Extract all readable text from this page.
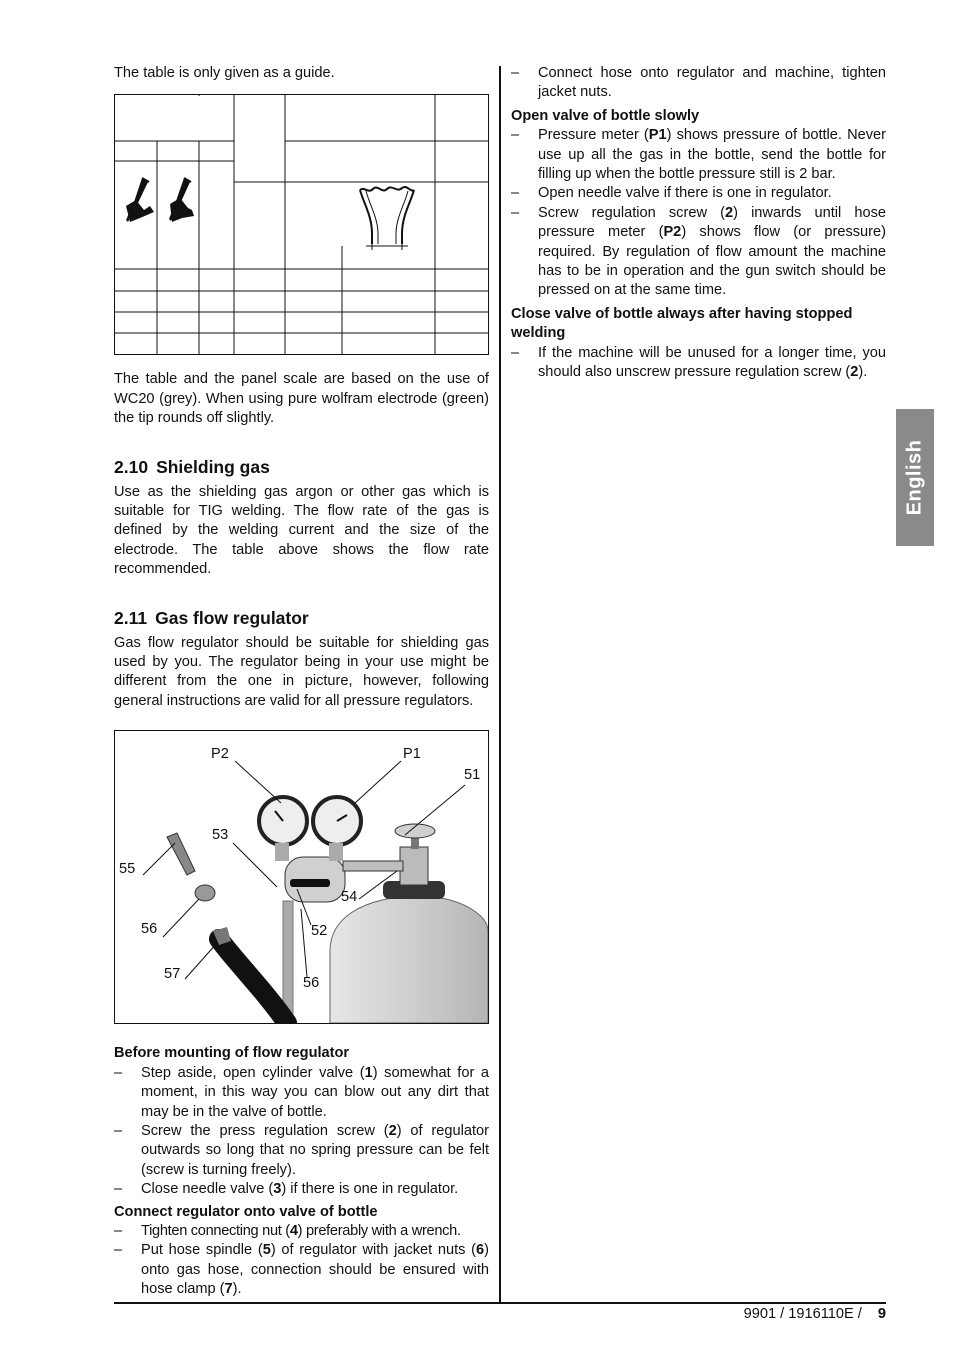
The table is only given as a guide.

The table and the panel scale are based on the use of WC20 (grey). When using pure wolfram electrode (green) the tip rounds off slightly.

2.10 Shielding gas

Use as the shielding gas argon or other gas which is suitable for TIG welding. The flow rate of the gas is defined by the welding current and the size of the electrode. The table above shows the flow rate recommended.

2.11 Gas flow regulator

Gas flow regulator should be suitable for shielding gas used by you. The regulator being in your use might be different from the one in picture, however, following general instructions are valid for all pressure regulators.

P2	P1
51
53
55
54
56	52
57
56
Before mounting of flow regulator
– Step aside, open cylinder valve (1) somewhat for a moment, in this way you can blow out any dirt that may be in the valve of bottle.
– Screw the press regulation screw (2) of regulator outwards so long that no spring pressure can be felt (screw is turning freely).
– Close needle valve (3) if there is one in regulator.
Connect regulator onto valve of bottle
– Tighten connecting nut (4) preferably with a wrench.
– Put hose spindle (5) of regulator with jacket nuts (6) onto gas hose, connection should be ensured with hose clamp (7).
– Connect hose onto regulator and machine, tighten jacket nuts.
Open valve of bottle slowly
– Pressure meter (P1) shows pressure of bottle. Never use up all the gas in the bottle, send the bottle for filling up when the bottle pressure still is 2 bar.
– Open needle valve if there is one in regulator.
– Screw regulation screw (2) inwards until hose pressure meter (P2) shows flow (or pressure) required. By regulation of flow amount the machine has to be in operation and the gun switch should be pressed on at the same time.
Close valve of bottle always after having stopped welding
– If the machine will be unused for a longer time, you should also unscrew pressure regulation screw (2).
English
9901 / 1916110E / 9
